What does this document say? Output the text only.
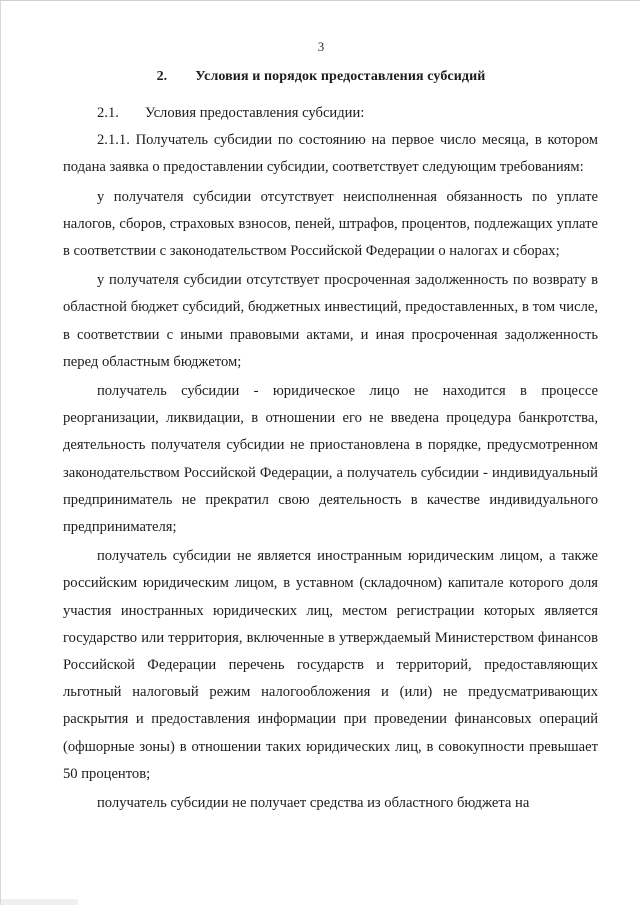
3
2. Условия и порядок предоставления субсидий

2.1. Условия предоставления субсидии:

2.1.1. Получатель субсидии по состоянию на первое число месяца, в котором подана заявка о предоставлении субсидии, соответствует следующим требованиям:

у получателя субсидии отсутствует неисполненная обязанность по уплате налогов, сборов, страховых взносов, пеней, штрафов, процентов, подлежащих уплате в соответствии с законодательством Российской Федерации о налогах и сборах;

у получателя субсидии отсутствует просроченная задолженность по возврату в областной бюджет субсидий, бюджетных инвестиций, предоставленных, в том числе, в соответствии с иными правовыми актами, и иная просроченная задолженность перед областным бюджетом;

получатель субсидии - юридическое лицо не находится в процессе реорганизации, ликвидации, в отношении его не введена процедура банкротства, деятельность получателя субсидии не приостановлена в порядке, предусмотренном законодательством Российской Федерации, а получатель субсидии - индивидуальный предприниматель не прекратил свою деятельность в качестве индивидуального предпринимателя;

получатель субсидии не является иностранным юридическим лицом, а также российским юридическим лицом, в уставном (складочном) капитале которого доля участия иностранных юридических лиц, местом регистрации которых является государство или территория, включенные в утверждаемый Министерством финансов Российской Федерации перечень государств и территорий, предоставляющих льготный налоговый режим налогообложения и (или) не предусматривающих раскрытия и предоставления информации при проведении финансовых операций (офшорные зоны) в отношении таких юридических лиц, в совокупности превышает 50 процентов;

получатель субсидии не получает средства из областного бюджета на
